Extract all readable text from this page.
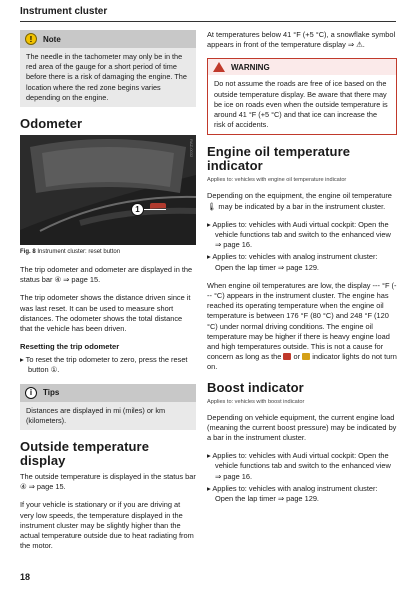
Instrument cluster
!	Note
The needle in the tachometer may only be in the red area of the gauge for a short period of time before there is a risk of damaging the engine. The location where the red zone begins varies depending on the engine.
Odometer
RAZ-0032
1
Fig. 8 Instrument cluster: reset button

The trip odometer and odometer are displayed in the status bar ④ ⇒ page 15.

The trip odometer shows the distance driven since it was last reset. It can be used to measure short distances. The odometer shows the total distance that the vehicle has been driven.

Resetting the trip odometer
▸ To reset the trip odometer to zero, press the reset button ①.
i	Tips
Distances are displayed in mi (miles) or km (kilometers).
Outside temperature display

The outside temperature is displayed in the status bar ④ ⇒ page 15.

If your vehicle is stationary or if you are driving at very low speeds, the temperature displayed in the instrument cluster may be slightly higher than the actual temperature outside due to heat radiating from the motor.

At temperatures below 41 °F (+5 °C), a snowflake symbol appears in front of the temperature display ⇒ ⚠.

WARNING
Do not assume the roads are free of ice based on the outside temperature display. Be aware that there may be ice on roads even when the outside temperature is around 41 °F (+5 °C) and that ice can increase the risk of accidents.
Engine oil temperature indicator
Applies to: vehicles with engine oil temperature indicator

Depending on the equipment, the engine oil temperature 🌡 may be indicated by a bar in the instrument cluster.

▸ Applies to: vehicles with Audi virtual cockpit: Open the vehicle functions tab and switch to the enhanced view ⇒ page 16.
▸ Applies to: vehicles with analog instrument cluster: Open the lap timer ⇒ page 129.

When engine oil temperatures are low, the display --- °F (--- °C) appears in the instrument cluster. The engine has reached its operating temperature when the engine oil temperature is between 176 °F (80 °C) and 248 °F (120 °C) under normal driving conditions. The engine oil temperature may be higher if there is heavy engine load and high temperatures outside. This is not a cause for concern as long as the or indicator lights do not turn on.

Boost indicator
Applies to: vehicles with boost indicator

Depending on vehicle equipment, the current engine load (meaning the current boost pressure) may be indicated by a bar in the instrument cluster.

▸ Applies to: vehicles with Audi virtual cockpit: Open the vehicle functions tab and switch to the enhanced view ⇒ page 16.
▸ Applies to: vehicles with analog instrument cluster: Open the lap timer ⇒ page 129.
18
